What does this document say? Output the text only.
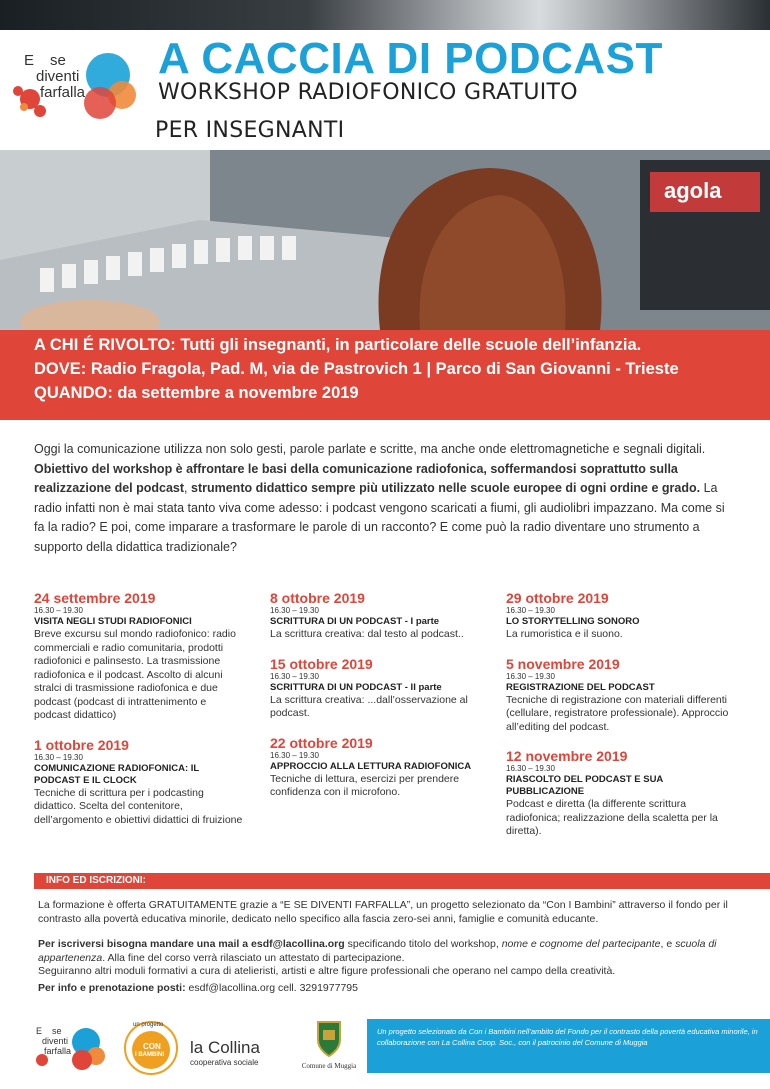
E se
diventi
farfalla
A CACCIA DI PODCAST
WORKSHOP RADIOFONICO GRATUITO
PER INSEGNANTI
agola
A CHI É RIVOLTO: Tutti gli insegnanti, in particolare delle scuole dell’infanzia.
DOVE: Radio Fragola, Pad. M, via de Pastrovich 1 | Parco di San Giovanni - Trieste
QUANDO: da settembre a novembre 2019
Oggi la comunicazione utilizza non solo gesti, parole parlate e scritte, ma anche onde elettromagnetiche e segnali digitali. Obiettivo del workshop è affrontare le basi della comunicazione radiofonica, soffermandosi soprattutto sulla realizzazione del podcast, strumento didattico sempre più utilizzato nelle scuole europee di ogni ordine e grado. La radio infatti non è mai stata tanto viva come adesso: i podcast vengono scaricati a fiumi, gli audiolibri impazzano. Ma come si fa la radio? E poi, come imparare a trasformare le parole di un racconto? E come può la radio diventare uno strumento a supporto della didattica tradizionale?
24 settembre 2019
16.30 – 19.30
VISITA NEGLI STUDI RADIOFONICI
Breve excursu sul mondo radiofonico: radio commerciali e radio comunitaria, prodotti radiofonici e palinsesto. La trasmissione radiofonica e il podcast. Ascolto di alcuni stralci di trasmissione radiofonica e due podcast (podcast di intrattenimento e podcast didattico)
1 ottobre 2019
16.30 – 19.30
COMUNICAZIONE RADIOFONICA: IL PODCAST E IL CLOCK
Tecniche di scrittura per i podcasting didattico. Scelta del contenitore, dell’argomento e obiettivi didattici di fruizione
8 ottobre 2019
16.30 – 19.30
SCRITTURA DI UN PODCAST - I parte
La scrittura creativa: dal testo al podcast..
15 ottobre 2019
16.30 – 19.30
SCRITTURA DI UN PODCAST - II parte
La scrittura creativa: ...dall’osservazione al podcast.
22 ottobre 2019
16.30 – 19.30
APPROCCIO ALLA LETTURA RADIOFONICA
Tecniche di lettura, esercizi per prendere confidenza con il microfono.
29 ottobre 2019
16.30 – 19.30
LO STORYTELLING SONORO
La rumoristica e il suono.
5 novembre 2019
16.30 – 19.30
REGISTRAZIONE DEL PODCAST
Tecniche di registrazione con materiali differenti (cellulare, registratore professionale). Approccio all’editing del podcast.
12 novembre 2019
16.30 – 19.30
RIASCOLTO DEL PODCAST E SUA PUBBLICAZIONE
Podcast e diretta (la differente scrittura radiofonica; realizzazione della scaletta per la diretta).
INFO ED ISCRIZIONI:
La formazione è offerta GRATUITAMENTE grazie a “E SE DIVENTI FARFALLA”, un progetto selezionato da “Con I Bambini” attraverso il fondo per il contrasto alla povertà educativa minorile, dedicato nello specifico alla fascia zero-sei anni, famiglie e comunità educante.
Per iscriversi bisogna mandare una mail a esdf@lacollina.org specificando titolo del workshop, nome e cognome del partecipante, e scuola di appartenenza. Alla fine del corso verrà rilasciato un attestato di partecipazione.
Seguiranno altri moduli formativi a cura di atelieristi, artisti e altre figure professionali che operano nel campo della creatività.
Per info e prenotazione posti: esdf@lacollina.org cell. 3291977795
E se
diventi
farfalla
un progetto
CON
I BAMBINI la Collina
cooperativa sociale	Comune di Muggia
Un progetto selezionato da Con i Bambini nell’ambito del Fondo per il contrasto della povertà educativa minorile, in collaborazione con La Collina Coop. Soc., con il patrocinio del Comune di Muggia
